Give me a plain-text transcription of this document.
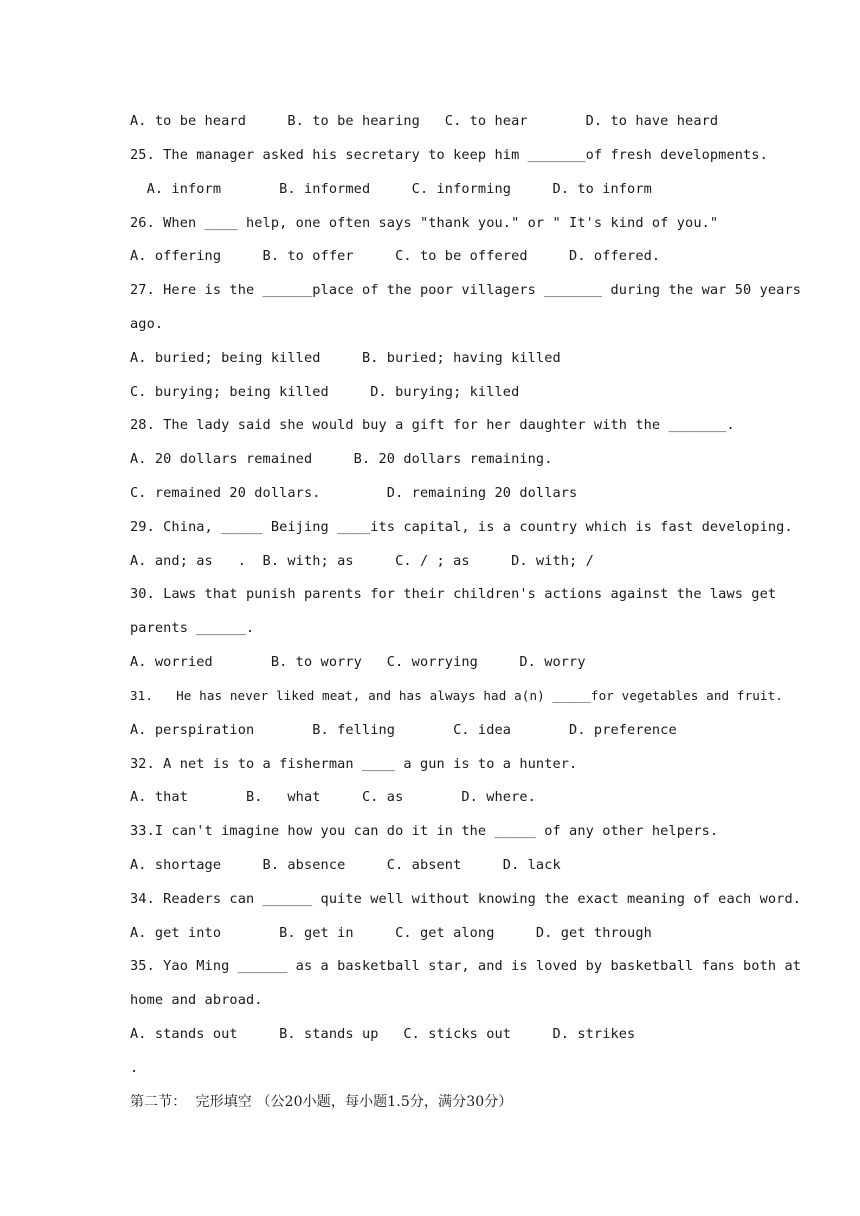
A. to be heard     B. to be hearing   C. to hear       D. to have heard
25. The manager asked his secretary to keep him _______of fresh developments.
A. inform       B. informed     C. informing     D. to inform
26. When ____ help, one often says "thank you." or " It's kind of you."
A. offering     B. to offer     C. to be offered     D. offered.
27. Here is the ______place of the poor villagers _______ during the war 50 years
ago.
A. buried; being killed     B. buried; having killed
C. burying; being killed     D. burying; killed
28. The lady said she would buy a gift for her daughter with the _______.
A. 20 dollars remained     B. 20 dollars remaining.
C. remained 20 dollars.        D. remaining 20 dollars
29. China, _____ Beijing ____its capital, is a country which is fast developing.
A. and; as   .  B. with; as     C. / ; as     D. with; /
30. Laws that punish parents for their children's actions against the laws get
parents ______.
A. worried       B. to worry   C. worrying     D. worry
31.   He has never liked meat, and has always had a(n) _____for vegetables and fruit.
A. perspiration       B. felling       C. idea       D. preference
32. A net is to a fisherman ____ a gun is to a hunter.
A. that       B.   what     C. as       D. where.
33.I can't imagine how you can do it in the _____ of any other helpers.
A. shortage     B. absence     C. absent     D. lack
34. Readers can ______ quite well without knowing the exact meaning of each word.
A. get into       B. get in     C. get along     D. get through
35. Yao Ming ______ as a basketball star, and is loved by basketball fans both at
home and abroad.
A. stands out     B. stands up   C. sticks out     D. strikes
.
第二节：  完形填空 （公20小题，每小题1.5分，满分30分）
